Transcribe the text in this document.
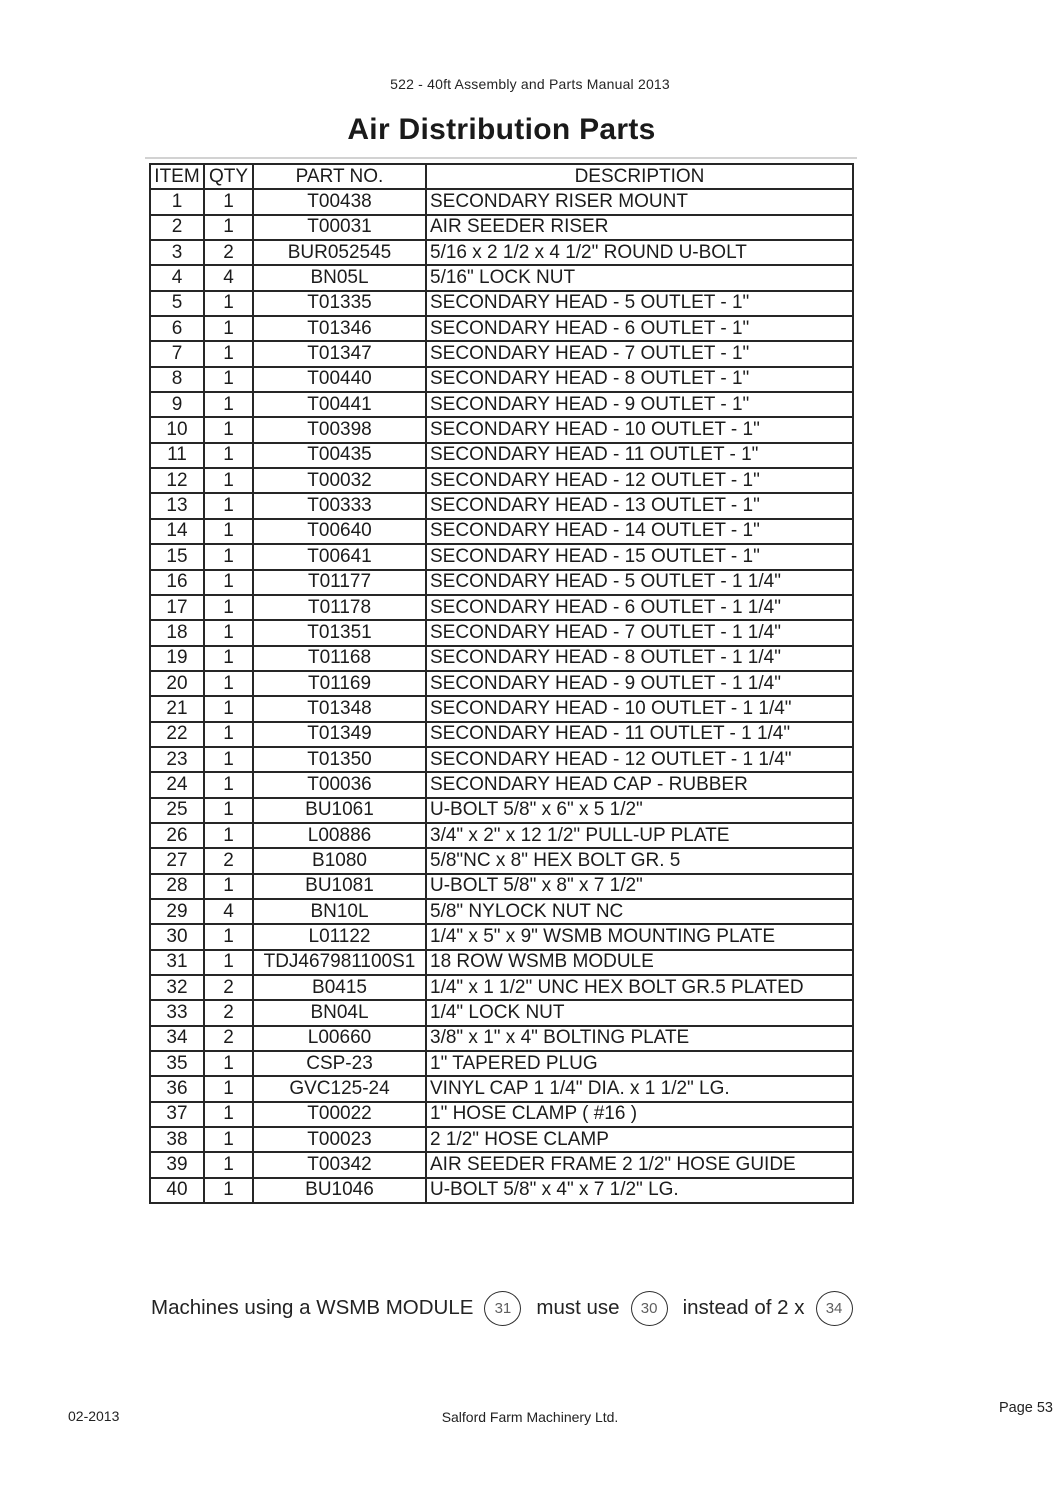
522 - 40ft Assembly and Parts Manual 2013
Air Distribution Parts
ITEM	QTY	PART NO.	DESCRIPTION
1	1	T00438	SECONDARY RISER MOUNT
2	1	T00031	AIR SEEDER RISER
3	2	BUR052545	5/16 x 2 1/2 x 4 1/2" ROUND U-BOLT
4	4	BN05L	5/16" LOCK NUT
5	1	T01335	SECONDARY HEAD - 5 OUTLET - 1"
6	1	T01346	SECONDARY HEAD - 6 OUTLET - 1"
7	1	T01347	SECONDARY HEAD - 7 OUTLET - 1"
8	1	T00440	SECONDARY HEAD - 8 OUTLET - 1"
9	1	T00441	SECONDARY HEAD - 9 OUTLET - 1"
10	1	T00398	SECONDARY HEAD - 10 OUTLET - 1"
11	1	T00435	SECONDARY HEAD - 11 OUTLET - 1"
12	1	T00032	SECONDARY HEAD - 12 OUTLET - 1"
13	1	T00333	SECONDARY HEAD - 13 OUTLET - 1"
14	1	T00640	SECONDARY HEAD - 14 OUTLET - 1"
15	1	T00641	SECONDARY HEAD - 15 OUTLET - 1"
16	1	T01177	SECONDARY HEAD - 5 OUTLET - 1 1/4"
17	1	T01178	SECONDARY HEAD - 6 OUTLET - 1 1/4"
18	1	T01351	SECONDARY HEAD - 7 OUTLET - 1 1/4"
19	1	T01168	SECONDARY HEAD - 8 OUTLET - 1 1/4"
20	1	T01169	SECONDARY HEAD - 9 OUTLET - 1 1/4"
21	1	T01348	SECONDARY HEAD - 10 OUTLET - 1 1/4"
22	1	T01349	SECONDARY HEAD - 11 OUTLET - 1 1/4"
23	1	T01350	SECONDARY HEAD - 12 OUTLET - 1 1/4"
24	1	T00036	SECONDARY HEAD CAP - RUBBER
25	1	BU1061	U-BOLT 5/8" x 6" x 5 1/2"
26	1	L00886	3/4" x 2" x 12 1/2" PULL-UP PLATE
27	2	B1080	5/8"NC x 8" HEX BOLT GR. 5
28	1	BU1081	U-BOLT 5/8" x 8" x 7 1/2"
29	4	BN10L	5/8" NYLOCK NUT NC
30	1	L01122	1/4" x 5" x 9" WSMB MOUNTING PLATE
31	1	TDJ467981100S1	18 ROW WSMB MODULE
32	2	B0415	1/4" x 1 1/2" UNC HEX BOLT GR.5 PLATED
33	2	BN04L	1/4" LOCK NUT
34	2	L00660	3/8" x 1" x 4" BOLTING PLATE
35	1	CSP-23	1" TAPERED PLUG
36	1	GVC125-24	VINYL CAP 1 1/4" DIA. x 1 1/2" LG.
37	1	T00022	1" HOSE CLAMP ( #16 )
38	1	T00023	2 1/2" HOSE CLAMP
39	1	T00342	AIR SEEDER FRAME 2 1/2" HOSE GUIDE
40	1	BU1046	U-BOLT 5/8" x 4" x 7 1/2" LG.
Machines using a WSMB MODULE	31	must use	30	instead of 2 x	34
02-2013	Salford Farm Machinery Ltd.
Page 53
